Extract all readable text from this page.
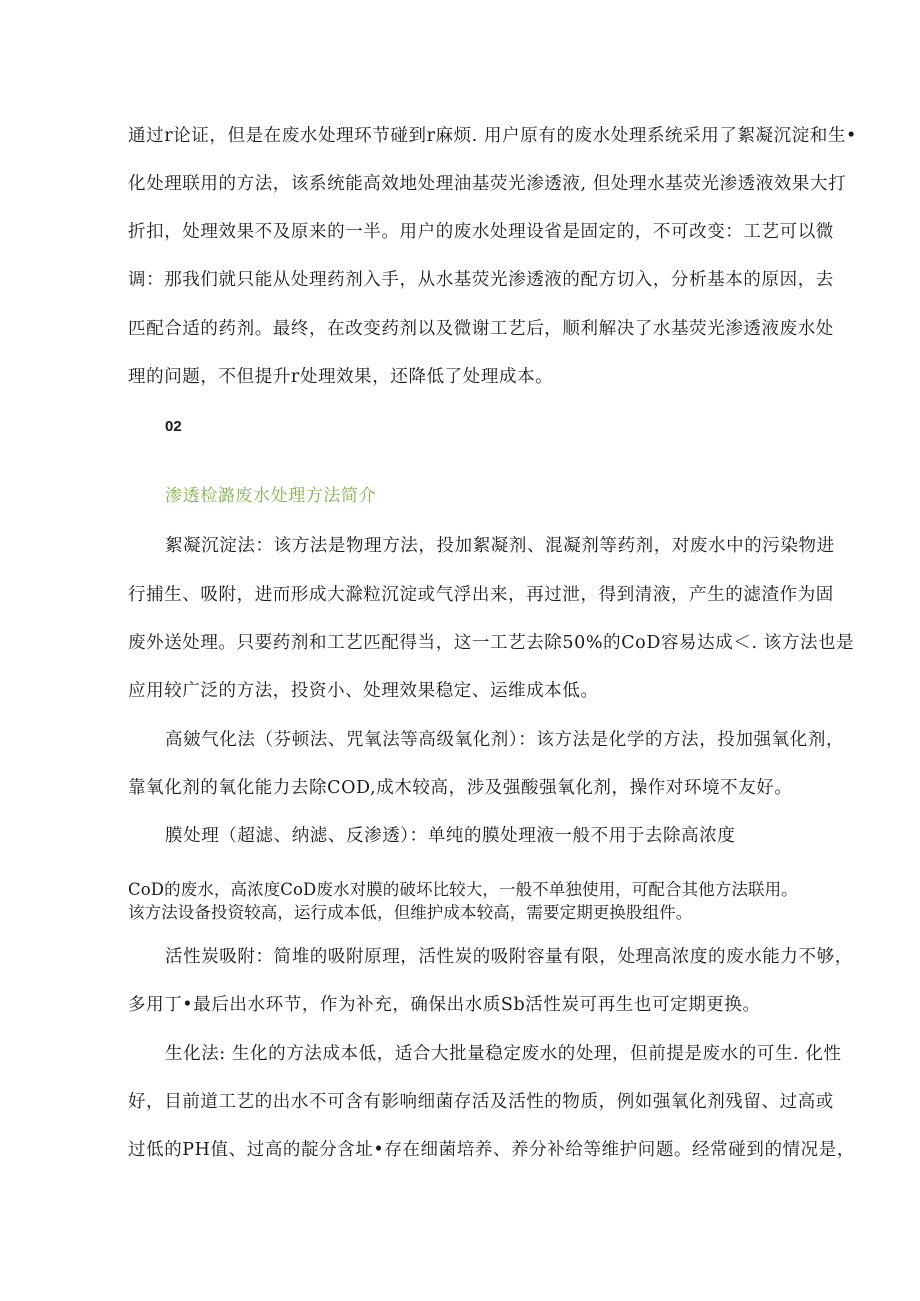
通过r论证，但是在废水处理环节碰到r麻烦. 用户原有的废水处理系统采用了絮凝沉淀和生•
化处理联用的方法，该系统能高效地处理油基荧光渗透液, 但处理水基荧光渗透液效果大打
折扣，处理效果不及原来的一半。用户的废水处理设省是固定的，不可改变：工艺可以微
调：那我们就只能从处理药剂入手，从水基荧光渗透液的配方切入，分析基本的原因，去
匹配合适的药剂。最终，在改变药剂以及微谢工艺后，顺利解决了水基荧光渗透液废水处
理的问题，不但提升r处理效果，还降低了处理成本。
02
渗透检潞废水处理方法简介
絮凝沉淀法：该方法是物理方法，投加絮凝剂、混凝剂等药剂，对废水中的污染物进
行捕生、吸附，进而形成大滁粒沉淀或气浮出来，再过泄，得到清液，产生的滤渣作为固
废外送处理。只要药剂和工艺匹配得当，这一工艺去除50%的CoD容易达成＜. 该方法也是
应用较广泛的方法，投资小、处理效果稳定、运维成本低。
高皴气化法（芬顿法、咒氧法等高级氧化剂）：该方法是化学的方法，投加强氧化剂，
靠氧化剂的氧化能力去除COD,成木较高，涉及强酸强氧化剂，操作对环境不友好。
膜处理（超滤、纳滤、反渗透）：单纯的膜处理液一般不用于去除高浓度
CoD的废水，高浓度CoD废水对膜的破坏比较大，一般不单独使用，可配合其他方法联用。
该方法设备投资较高，运行成本低，但维护成本较高，需要定期更换股组件。
活性炭吸附：简堆的吸附原理，活性炭的吸附容量有限，处理高浓度的废水能力不够，
多用丁•最后出水环节，作为补充，确保出水质Sb活性炭可再生也可定期更换。
生化法: 生化的方法成本低，适合大批量稳定废水的处理，但前提是废水的可生. 化性
好，目前道工艺的出水不可含有影响细菌存活及活性的物质，例如强氧化剂残留、过高或
过低的PH值、过高的靛分含址•存在细菌培养、养分补给等维护问题。经常碰到的情况是，
